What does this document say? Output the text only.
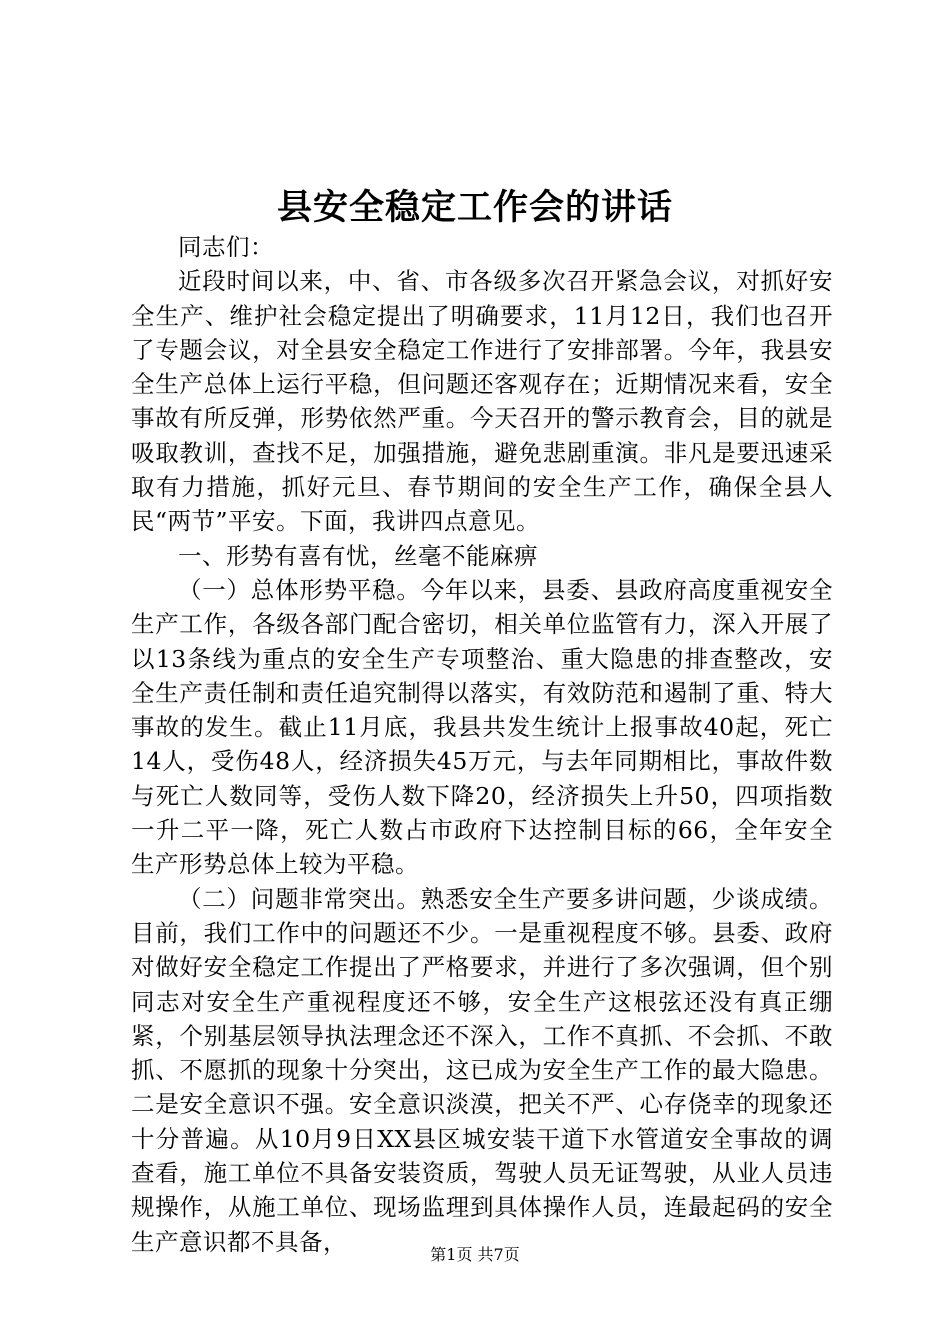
县安全稳定工作会的讲话

同志们：

近段时间以来，中、省、市各级多次召开紧急会议，对抓好安全生产、维护社会稳定提出了明确要求，11月12日，我们也召开了专题会议，对全县安全稳定工作进行了安排部署。今年，我县安全生产总体上运行平稳，但问题还客观存在；近期情况来看，安全事故有所反弹，形势依然严重。今天召开的警示教育会，目的就是吸取教训，查找不足，加强措施，避免悲剧重演。非凡是要迅速采取有力措施，抓好元旦、春节期间的安全生产工作，确保全县人民“两节”平安。下面，我讲四点意见。

一、形势有喜有忧，丝毫不能麻痹

（一）总体形势平稳。今年以来，县委、县政府高度重视安全生产工作，各级各部门配合密切，相关单位监管有力，深入开展了以13条线为重点的安全生产专项整治、重大隐患的排查整改，安全生产责任制和责任追究制得以落实，有效防范和遏制了重、特大事故的发生。截止11月底，我县共发生统计上报事故40起，死亡14人，受伤48人，经济损失45万元，与去年同期相比，事故件数与死亡人数同等，受伤人数下降20，经济损失上升50，四项指数一升二平一降，死亡人数占市政府下达控制目标的66，全年安全生产形势总体上较为平稳。

（二）问题非常突出。熟悉安全生产要多讲问题，少谈成绩。目前，我们工作中的问题还不少。一是重视程度不够。县委、政府对做好安全稳定工作提出了严格要求，并进行了多次强调，但个别同志对安全生产重视程度还不够，安全生产这根弦还没有真正绷紧，个别基层领导执法理念还不深入，工作不真抓、不会抓、不敢抓、不愿抓的现象十分突出，这已成为安全生产工作的最大隐患。二是安全意识不强。安全意识淡漠，把关不严、心存侥幸的现象还十分普遍。从10月9日XX县区城安装干道下水管道安全事故的调查看，施工单位不具备安装资质，驾驶人员无证驾驶，从业人员违规操作，从施工单位、现场监理到具体操作人员，连最起码的安全生产意识都不具备，	第1页 共7页
